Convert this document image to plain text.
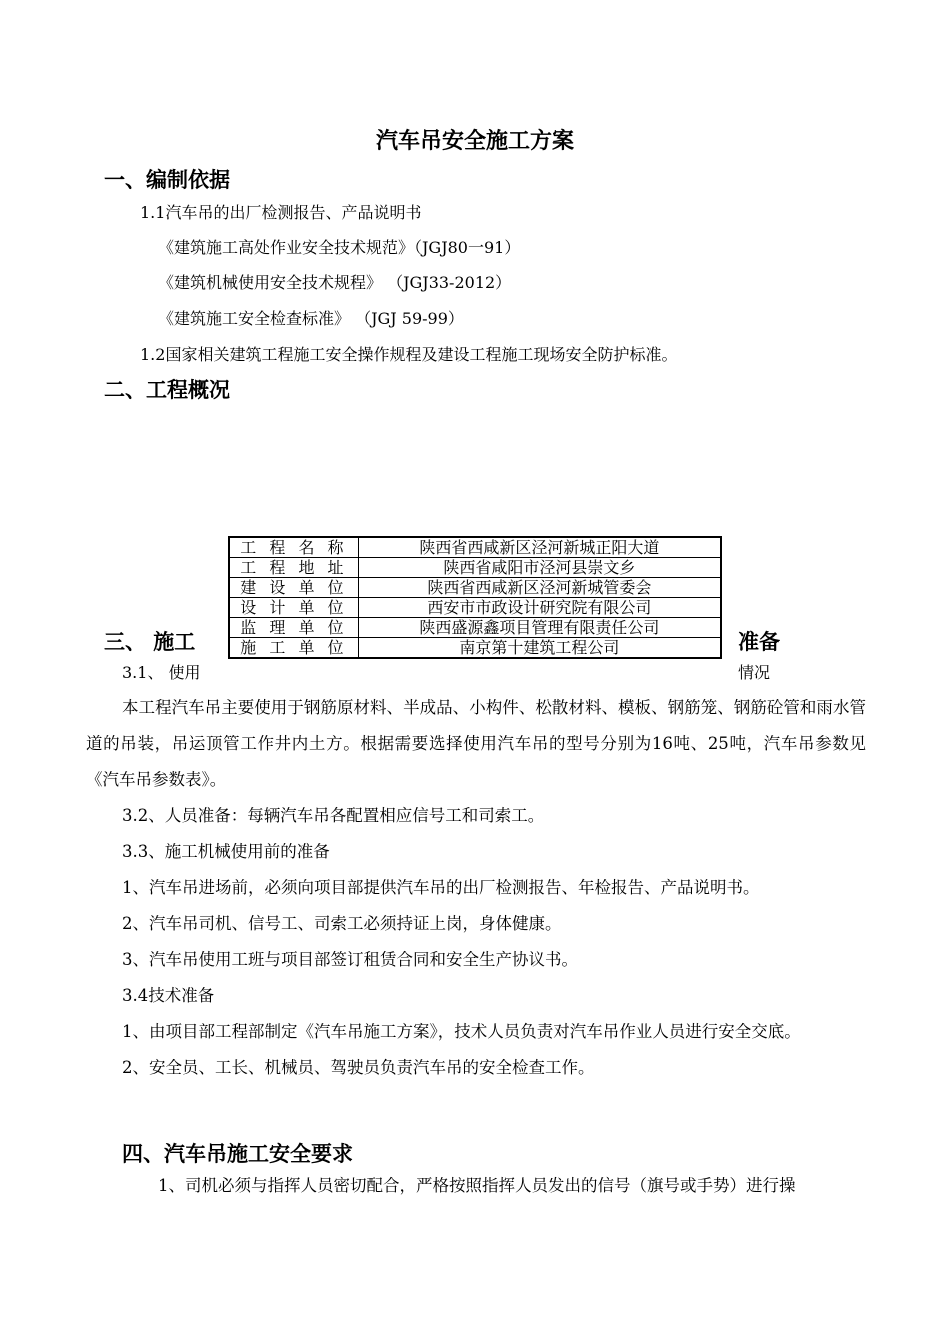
汽车吊安全施工方案
一、编制依据
1.1汽车吊的出厂检测报告、产品说明书
《建筑施工高处作业安全技术规范》（JGJ80一91）
《建筑机械使用安全技术规程》 （JGJ33-2012）
《建筑施工安全检查标准》 （JGJ 59-99）
1.2国家相关建筑工程施工安全操作规程及建设工程施工现场安全防护标准。
二、工程概况
工 程 名 称	陕西省西咸新区泾河新城正阳大道
工 程 地 址	陕西省咸阳市泾河县崇文乡
建 设 单 位	陕西省西咸新区泾河新城管委会
设 计 单 位	西安市市政设计研究院有限公司
监 理 单 位	陕西盛源鑫项目管理有限责任公司
施 工 单 位	南京第十建筑工程公司
三、 施工	准备
3.1、 使用	情况

本工程汽车吊主要使用于钢筋原材料、半成品、小构件、松散材料、模板、钢筋笼、钢筋砼管和雨水管道的吊装，吊运顶管工作井内土方。根据需要选择使用汽车吊的型号分别为16吨、25吨，汽车吊参数见《汽车吊参数表》。

3.2、人员准备：每辆汽车吊各配置相应信号工和司索工。

3.3、施工机械使用前的准备

1、汽车吊进场前，必须向项目部提供汽车吊的出厂检测报告、年检报告、产品说明书。

2、汽车吊司机、信号工、司索工必须持证上岗，身体健康。

3、汽车吊使用工班与项目部签订租赁合同和安全生产协议书。

3.4技术准备

1、由项目部工程部制定《汽车吊施工方案》，技术人员负责对汽车吊作业人员进行安全交底。

2、安全员、工长、机械员、驾驶员负责汽车吊的安全检查工作。

四、汽车吊施工安全要求

1、司机必须与指挥人员密切配合，严格按照指挥人员发出的信号（旗号或手势）进行操
